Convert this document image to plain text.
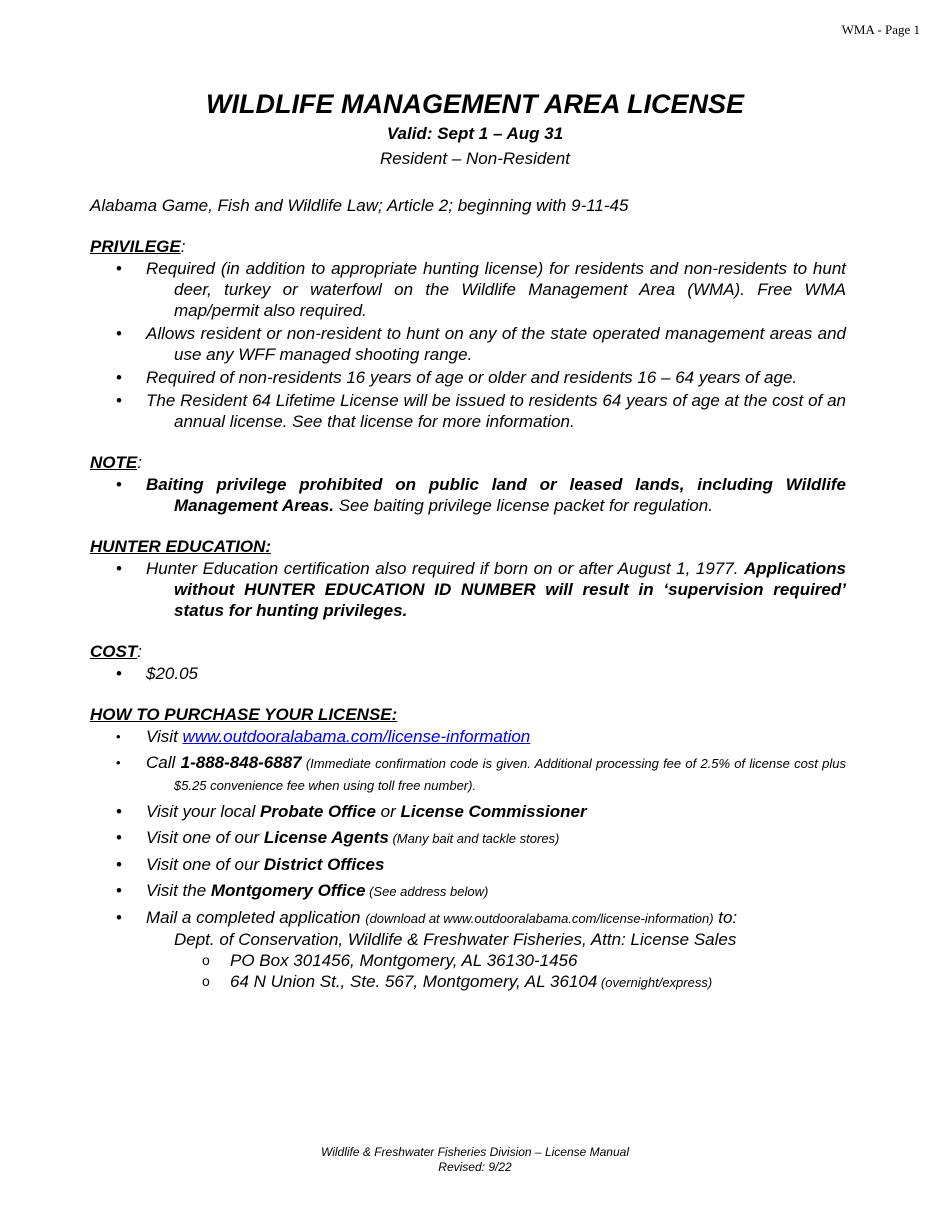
WMA - Page 1
WILDLIFE MANAGEMENT AREA LICENSE
Valid: Sept 1 – Aug 31
Resident – Non-Resident

Alabama Game, Fish and Wildlife Law; Article 2; beginning with 9-11-45

PRIVILEGE:
• Required (in addition to appropriate hunting license) for residents and non-residents to hunt deer, turkey or waterfowl on the Wildlife Management Area (WMA). Free WMA map/permit also required.
• Allows resident or non-resident to hunt on any of the state operated management areas and use any WFF managed shooting range.
• Required of non-residents 16 years of age or older and residents 16 – 64 years of age.
• The Resident 64 Lifetime License will be issued to residents 64 years of age at the cost of an annual license. See that license for more information.
NOTE:
• Baiting privilege prohibited on public land or leased lands, including Wildlife Management Areas. See baiting privilege license packet for regulation.
HUNTER EDUCATION:
• Hunter Education certification also required if born on or after August 1, 1977. Applications without HUNTER EDUCATION ID NUMBER will result in ‘supervision required’ status for hunting privileges.
COST:
• $20.05
HOW TO PURCHASE YOUR LICENSE:
• Visit www.outdooralabama.com/license-information
• Call 1-888-848-6887 (Immediate confirmation code is given. Additional processing fee of 2.5% of license cost plus $5.25 convenience fee when using toll free number).
• Visit your local Probate Office or License Commissioner
• Visit one of our License Agents (Many bait and tackle stores)
• Visit one of our District Offices
• Visit the Montgomery Office (See address below)
• Mail a completed application (download at www.outdooralabama.com/license-information) to:
Dept. of Conservation, Wildlife & Freshwater Fisheries, Attn: License Sales
o PO Box 301456, Montgomery, AL 36130-1456
o 64 N Union St., Ste. 567, Montgomery, AL 36104 (overnight/express)
Wildlife & Freshwater Fisheries Division – License Manual
Revised: 9/22
